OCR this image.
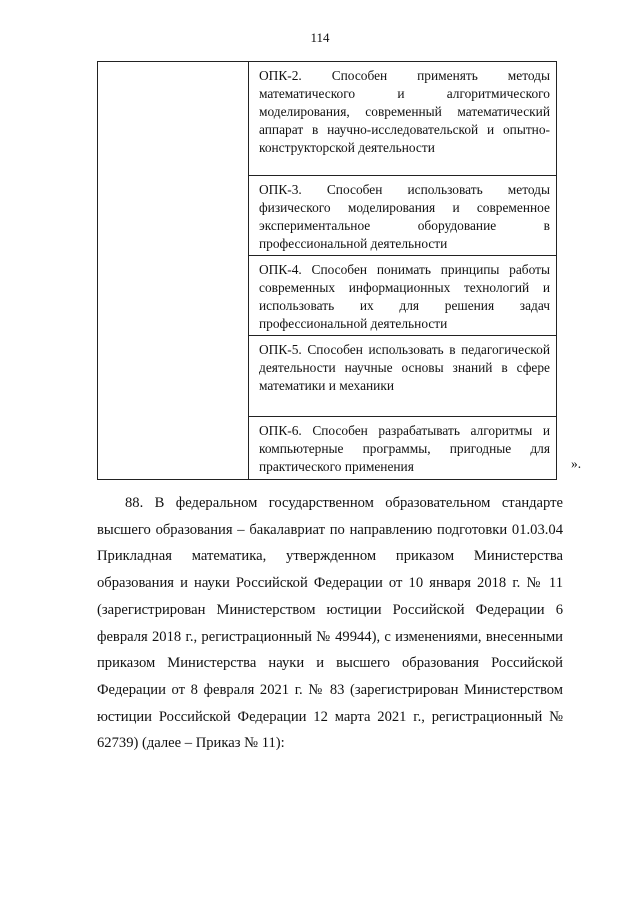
114
ОПК-2. Способен применять методы математического и алгоритмического моделирования, современный математический аппарат в научно-исследовательской и опытно-конструкторской деятельности
ОПК-3. Способен использовать методы физического моделирования и современное экспериментальное оборудование в профессиональной деятельности
ОПК-4. Способен понимать принципы работы современных информационных технологий и использовать их для решения задач профессиональной деятельности
ОПК-5. Способен использовать в педагогической деятельности научные основы знаний в сфере математики и механики
ОПК-6. Способен разрабатывать алгоритмы и компьютерные программы, пригодные для практического применения	».

88. В федеральном государственном образовательном стандарте высшего образования – бакалавриат по направлению подготовки 01.03.04 Прикладная математика, утвержденном приказом Министерства образования и науки Российской Федерации от 10 января 2018 г. № 11 (зарегистрирован Министерством юстиции Российской Федерации 6 февраля 2018 г., регистрационный № 49944), с изменениями, внесенными приказом Министерства науки и высшего образования Российской Федерации от 8 февраля 2021 г. № 83 (зарегистрирован Министерством юстиции Российской Федерации 12 марта 2021 г., регистрационный № 62739) (далее – Приказ № 11):
